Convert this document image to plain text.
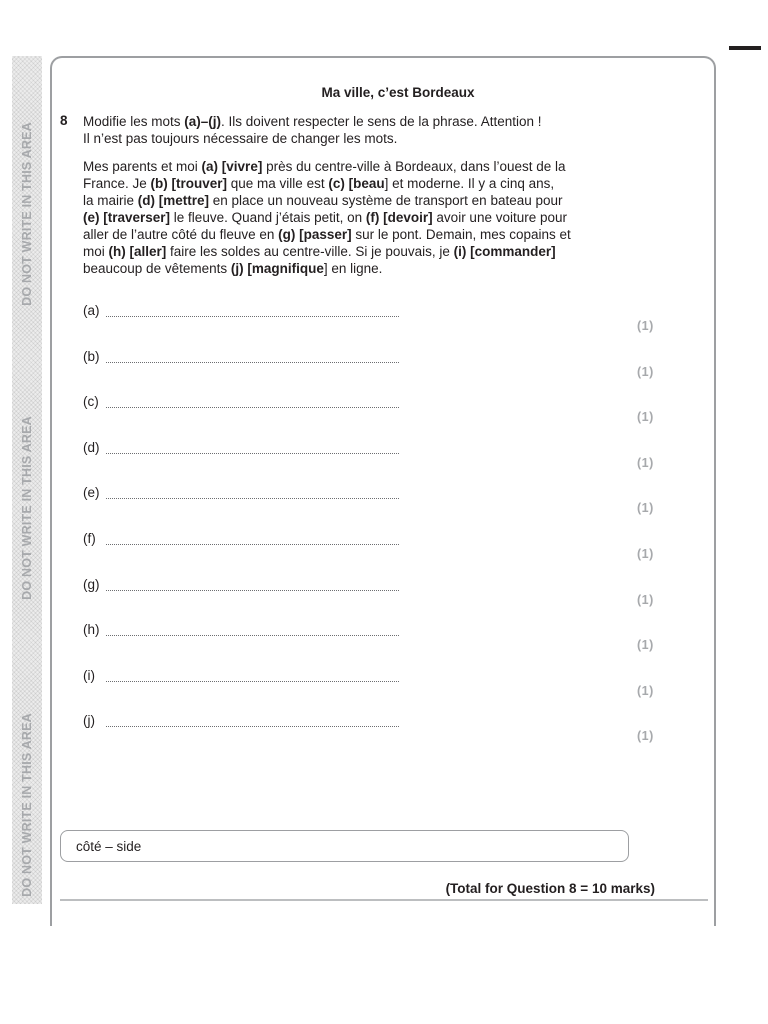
DO NOT WRITE IN THIS AREA
DO NOT WRITE IN THIS AREA
DO NOT WRITE IN THIS AREA
Ma ville, c’est Bordeaux
8 Modifie les mots (a)–(j). Ils doivent respecter le sens de la phrase. Attention !
Il n’est pas toujours nécessaire de changer les mots.
Mes parents et moi (a) [vivre] près du centre-ville à Bordeaux, dans l’ouest de la
France. Je (b) [trouver] que ma ville est (c) [beau] et moderne. Il y a cinq ans,
la mairie (d) [mettre] en place un nouveau système de transport en bateau pour
(e) [traverser] le fleuve. Quand j’étais petit, on (f) [devoir] avoir une voiture pour
aller de l’autre côté du fleuve en (g) [passer] sur le pont. Demain, mes copains et
moi (h) [aller] faire les soldes au centre-ville. Si je pouvais, je (i) [commander]
beaucoup de vêtements (j) [magnifique] en ligne.
(a)
(1)
(b)
(1)
(c)
(1)
(d)
(1)
(e)
(1)
(f)
(1)
(g)
(1)
(h)
(1)
(i)
(1)
(j)
(1)
côté – side
(Total for Question 8 = 10 marks)
